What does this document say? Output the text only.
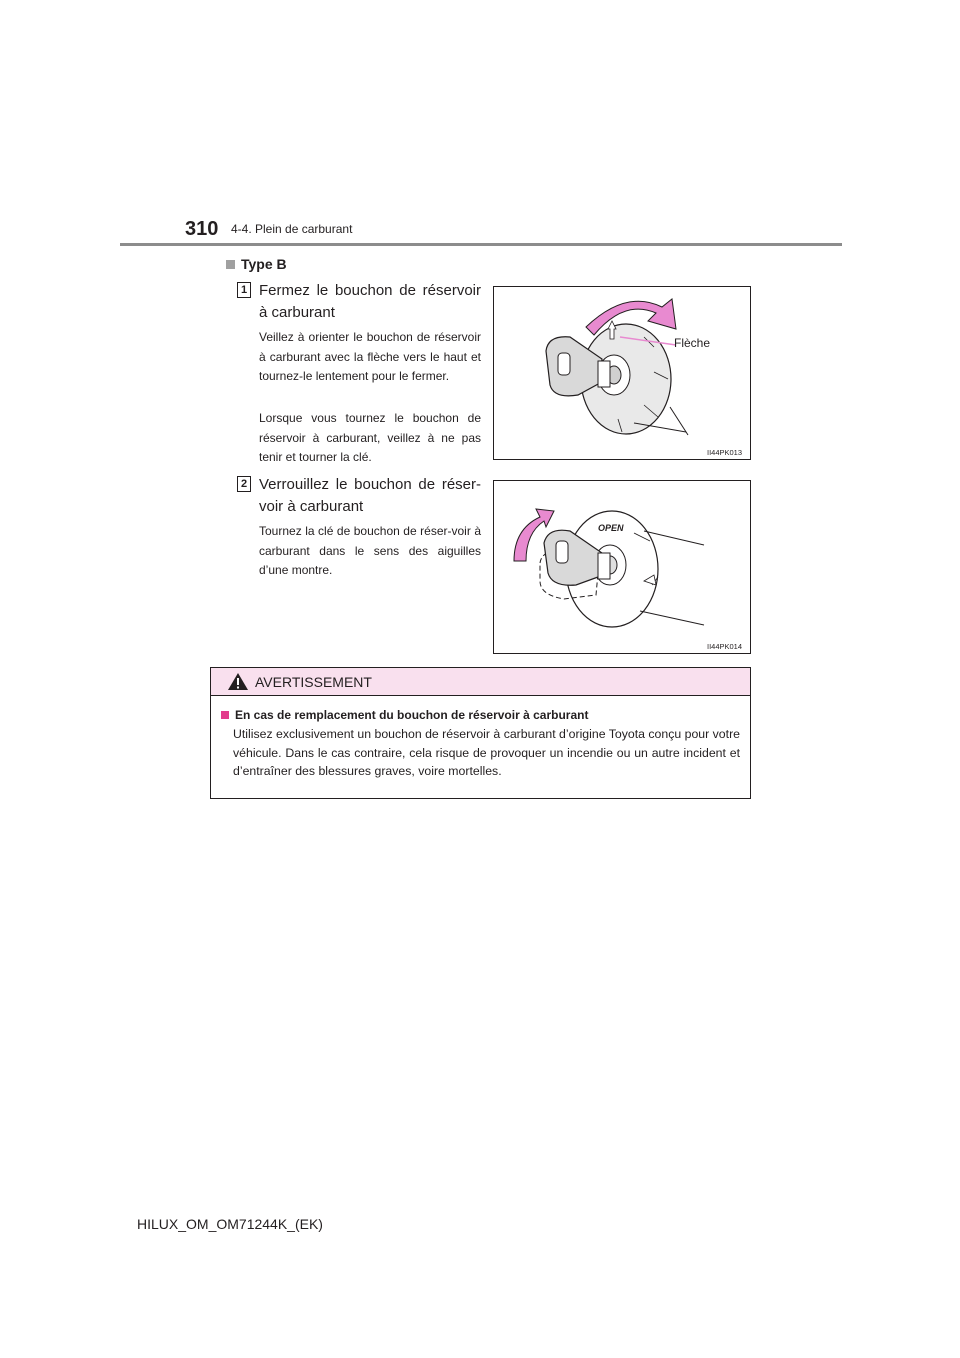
310 4-4. Plein de carburant
Type B
1 Fermez le bouchon de réservoir à carburant
Veillez à orienter le bouchon de réservoir à carburant avec la flèche vers le haut et tournez-le lentement pour le fermer.
Lorsque vous tournez le bouchon de réservoir à carburant, veillez à ne pas tenir et tourner la clé.
Flèche
II44PK013
2 Verrouillez le bouchon de réser-voir à carburant
Tournez la clé de bouchon de réser-voir à carburant dans le sens des aiguilles d’une montre.
OPEN
II44PK014
AVERTISSEMENT
En cas de remplacement du bouchon de réservoir à carburant
Utilisez exclusivement un bouchon de réservoir à carburant d’origine Toyota conçu pour votre véhicule. Dans le cas contraire, cela risque de provoquer un incendie ou un autre incident et d’entraîner des blessures graves, voire mortelles.
HILUX_OM_OM71244K_(EK)
